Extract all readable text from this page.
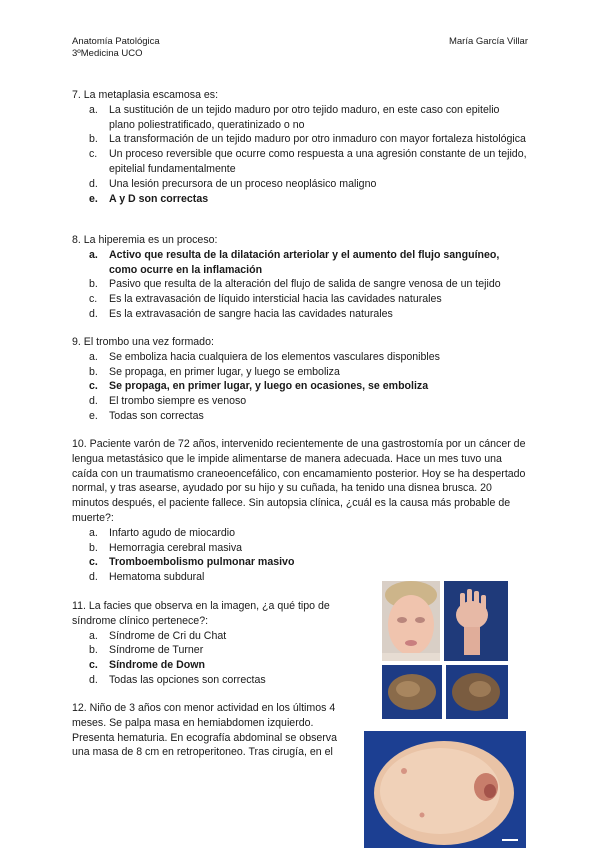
Anatomía Patológica
3ºMedicina UCO
María García Villar

7. La metaplasia escamosa es:

a. La sustitución de un tejido maduro por otro tejido maduro, en este caso con epitelio plano poliestratificado, queratinizado o no
b. La transformación de un tejido maduro por otro inmaduro con mayor fortaleza histológica
c. Un proceso reversible que ocurre como respuesta a una agresión constante de un tejido, epitelial fundamentalmente
d. Una lesión precursora de un proceso neoplásico maligno
e. A y D son correctas

8. La hiperemia es un proceso:

a. Activo que resulta de la dilatación arteriolar y el aumento del flujo sanguíneo, como ocurre en la inflamación
b. Pasivo que resulta de la alteración del flujo de salida de sangre venosa de un tejido
c. Es la extravasación de líquido intersticial hacia las cavidades naturales
d. Es la extravasación de sangre hacia las cavidades naturales

9. El trombo una vez formado:

a. Se emboliza hacia cualquiera de los elementos vasculares disponibles
b. Se propaga, en primer lugar, y luego se emboliza
c. Se propaga, en primer lugar, y luego en ocasiones, se emboliza
d. El trombo siempre es venoso
e. Todas son correctas

10. Paciente varón de 72 años, intervenido recientemente de una gastrostomía por un cáncer de lengua metastásico que le impide alimentarse de manera adecuada. Hace un mes tuvo una caída con un traumatismo craneoencefálico, con encamamiento posterior. Hoy se ha despertado normal, y tras asearse, ayudado por su hijo y su cuñada, ha tenido una disnea brusca. 20 minutos después, el paciente fallece. Sin autopsia clínica, ¿cuál es la causa más probable de muerte?:

a. Infarto agudo de miocardio
b. Hemorragia cerebral masiva
c. Tromboembolismo pulmonar masivo
d. Hematoma subdural

11. La facies que observa en la imagen, ¿a qué tipo de síndrome clínico pertenece?:

a. Síndrome de Cri du Chat
b. Síndrome de Turner
c. Síndrome de Down
d. Todas las opciones son correctas

12. Niño de 3 años con menor actividad en los últimos 4 meses. Se palpa masa en hemiabdomen izquierdo. Presenta hematuria. En ecografía abdominal se observa una masa de 8 cm en retroperitoneo. Tras cirugía, en el
